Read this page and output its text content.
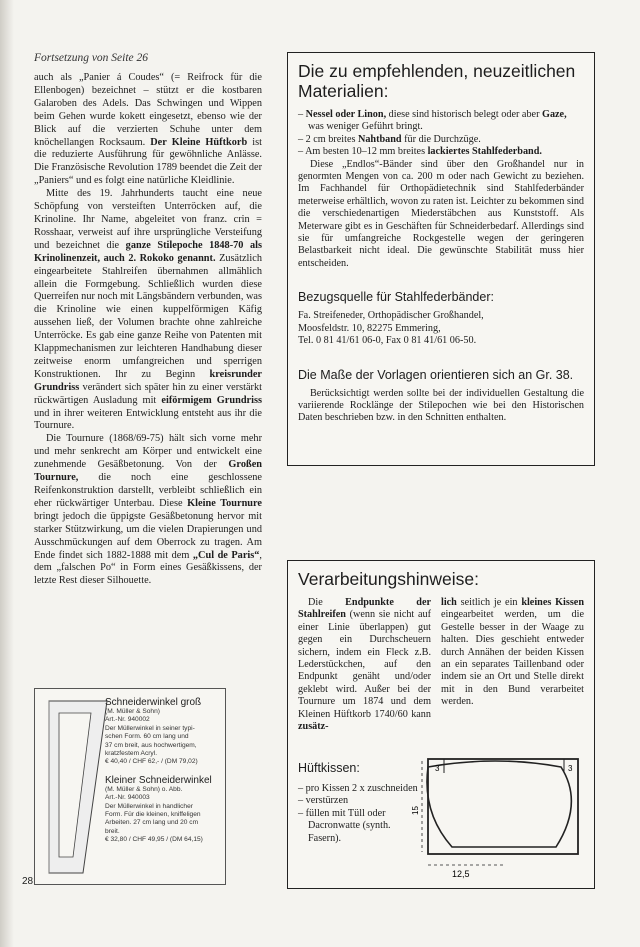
Fortsetzung von Seite 26

auch als „Panier á Coudes“ (= Reifrock für die Ellenbogen) bezeichnet – stützt er die kostbaren Galaroben des Adels. Das Schwingen und Wippen beim Gehen wurde kokett eingesetzt, ebenso wie der Blick auf die verzierten Schuhe unter dem knöchellangen Rocksaum. Der Kleine Hüftkorb ist die reduzierte Ausführung für gewöhnliche Anlässe. Die Französische Revolution 1789 beendet die Zeit der „Paniers“ und es folgt eine natürliche Kleidlinie.

Mitte des 19. Jahrhunderts taucht eine neue Schöpfung von versteiften Unterröcken auf, die Krinoline. Ihr Name, abgeleitet von franz. crin = Rosshaar, verweist auf ihre ursprüngliche Versteifung und bezeichnet die ganze Stilepoche 1848-70 als Krinolinenzeit, auch 2. Rokoko genannt. Zusätzlich eingearbeitete Stahlreifen übernahmen allmählich allein die Formgebung. Schließlich wurden diese Querreifen nur noch mit Längsbändern verbunden, was die Krinoline wie einen kuppelförmigen Käfig aussehen ließ, der Volumen brachte ohne zahlreiche Unterröcke. Es gab eine ganze Reihe von Patenten mit Klappmechanismen zur leichteren Handhabung dieser zeitweise enorm umfangreichen und sperrigen Konstruktionen. Ihr zu Beginn kreisrunder Grundriss verändert sich später hin zu einer verstärkt rückwärtigen Ausladung mit eiförmigem Grundriss und in ihrer weiteren Entwicklung entsteht aus ihr die Tournure.

Die Tournure (1868/69-75) hält sich vorne mehr und mehr senkrecht am Körper und entwickelt eine zunehmende Gesäßbetonung. Von der Großen Tournure, die noch eine geschlossene Reifenkonstruktion darstellt, verbleibt schließlich ein eher rückwärtiger Unterbau. Diese Kleine Tournure bringt jedoch die üppigste Gesäßbetonung hervor mit starker Stützwirkung, um die vielen Drapierungen und Ausschmückungen auf dem Oberrock zu tragen. Am Ende findet sich 1882-1888 mit dem „Cul de Paris“, dem „falschen Po“ in Form eines Gesäßkissens, der letzte Rest dieser Silhouette.

Die zu empfehlenden, neuzeitlichen Materialien:

– Nessel oder Linon, diese sind historisch belegt oder aber Gaze, was weniger Geführt bringt.
– 2 cm breites Nahtband für die Durchzüge.
– Am besten 10–12 mm breites lackiertes Stahlfederband.

Diese „Endlos“-Bänder sind über den Großhandel nur in genormten Mengen von ca. 200 m oder nach Gewicht zu beziehen. Im Fachhandel für Orthopädietechnik sind Stahlfederbänder meterweise erhältlich, wovon zu raten ist. Leichter zu bekommen sind die verschiedenartigen Miederstäbchen aus Kunststoff. Als Meterware gibt es in Geschäften für Schneiderbedarf. Allerdings sind sie für umfangreiche Rockgestelle wegen der geringeren Belastbarkeit nicht ideal. Die gewünschte Stabilität muss hier entscheiden.

Bezugsquelle für Stahlfederbänder:

Fa. Streifeneder, Orthopädischer Großhandel,
Moosfeldstr. 10, 82275 Emmering,
Tel. 0 81 41/61 06-0, Fax 0 81 41/61 06-50.

Die Maße der Vorlagen orientieren sich an Gr. 38.

Berücksichtigt werden sollte bei der individuellen Gestaltung die variierende Rocklänge der Stilepochen wie bei den Historischen Daten beschrieben bzw. in den Schnitten enthalten.

Verarbeitungshinweise:

Die Endpunkte der Stahlreifen (wenn sie nicht auf einer Linie überlappen) gut gegen ein Durchscheuern sichern, indem ein Fleck z.B. Lederstückchen, auf den Endpunkt genäht und/oder geklebt wird. Außer bei der Tournure um 1874 und dem Kleinen Hüftkorb 1740/60 kann zusätz-

lich seitlich je ein kleines Kissen eingearbeitet werden, um die Gestelle besser in der Waage zu halten. Dies geschieht entweder durch Annähen der beiden Kissen an ein separates Taillenband oder indem sie an Ort und Stelle direkt mit in den Bund verarbeitet werden.

Hüftkissen:

– pro Kissen 2 x zuschneiden
– verstürzen
– füllen mit Tüll oder Dacronwatte (synth. Fasern).
3	3
15
12,5
Schneiderwinkel groß
(M. Müller & Sohn)
Art.-Nr. 940002
Der Müllerwinkel in seiner typi-
schen Form. 60 cm lang und
37 cm breit, aus hochwertigem,
kratzfestem Acryl.
€ 40,40 / CHF 62,- / (DM 79,02)
Kleiner Schneiderwinkel
(M. Müller & Sohn) o. Abb.
Art.-Nr. 940003
Der Müllerwinkel in handlicher
Form. Für die kleinen, kniffeligen
Arbeiten. 27 cm lang und 20 cm
breit.
€ 32,80 / CHF 49,95 / (DM 64,15)
28
